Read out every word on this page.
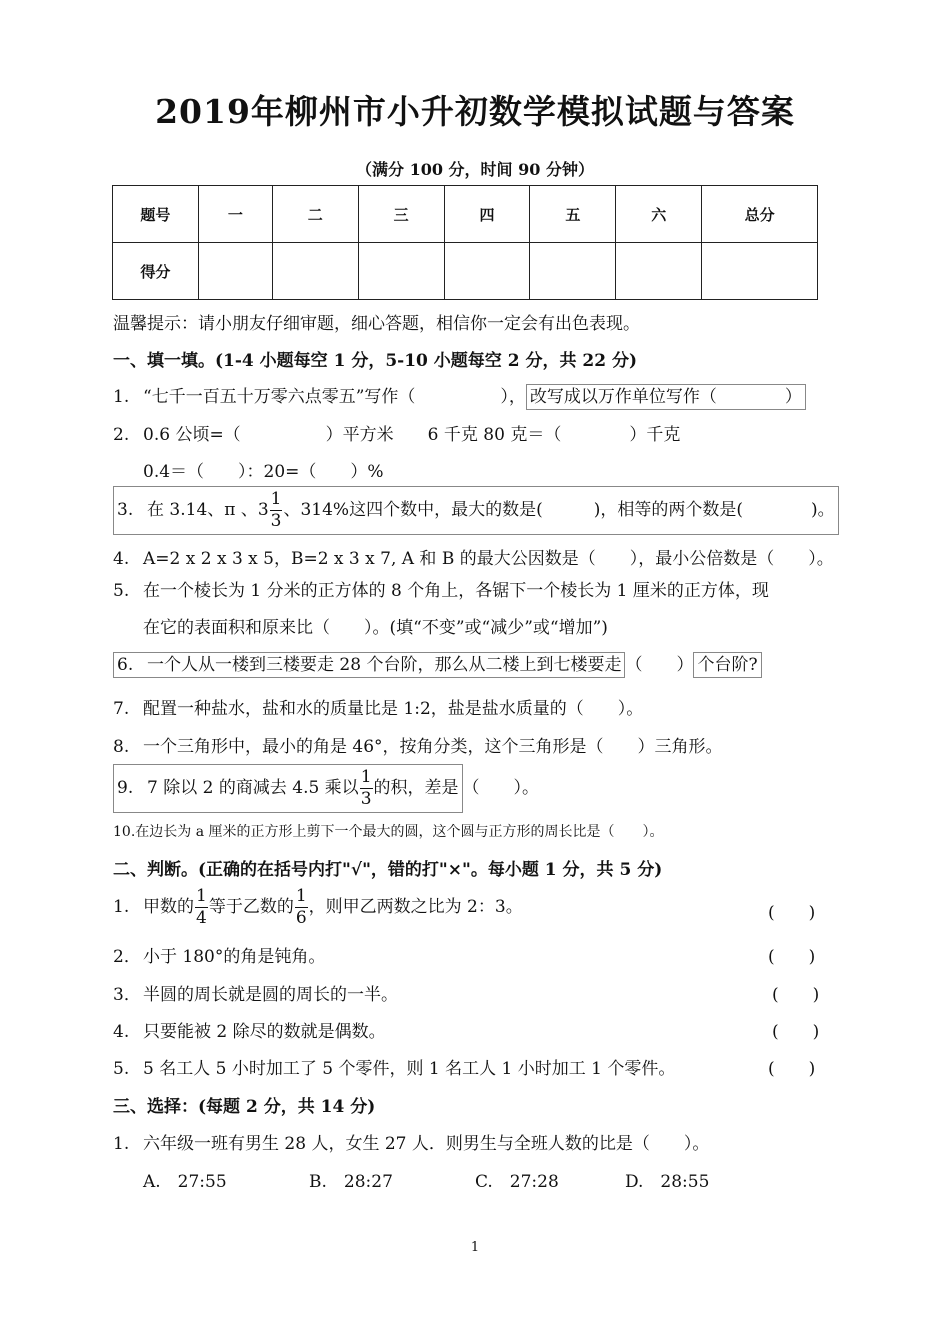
2019年柳州市小升初数学模拟试题与答案
（满分 100 分，时间 90 分钟）
题号	一	二	三	四	五	六	总分
得分							
温馨提示：请小朋友仔细审题，细心答题，相信你一定会有出色表现。
一、填一填。(1-4 小题每空 1 分，5-10 小题每空 2 分，共 22 分)
1. “七千一百五十万零六点零五”写作（　　　　　）， 改写成以万作单位写作（　　　　）
2. 0.6 公顷=（　　　　　）平方米　　6 千克 80 克＝（　　　　）千克
0.4＝（　　）：20=（　　）%
3. 在 3.14、π 、$3 \frac{1}{3}$ 、314%这四个数中，最大的数是(　　　)，相等的两个数是(　　　　)。
4. A=2 x 2 x 3 x 5，B=2 x 3 x 7, A 和 B 的最大公因数是（　　），最小公倍数是（　　）。
5. 在一个棱长为 1 分米的正方体的 8 个角上，各锯下一个棱长为 1 厘米的正方体，现
在它的表面积和原来比（　　）。(填“不变”或“减少”或“增加”)
6. 一个人从一楼到三楼要走 28 个台阶，那么从二楼上到七楼要走 （　　） 个台阶?
7. 配置一种盐水，盐和水的质量比是 1:2，盐是盐水质量的（　　）。
8. 一个三角形中，最小的角是 46°，按角分类，这个三角形是（　　）三角形。
9. 7 除以 2 的商减去 4.5 乘以 $\frac{1}{3}$ 的积，差是 （　　）。
10.在边长为 a 厘米的正方形上剪下一个最大的圆，这个圆与正方形的周长比是（　　）。
二、判断。(正确的在括号内打"√"，错的打"×"。每小题 1 分，共 5 分)
1. 甲数的 $\frac{1}{4}$ 等于乙数的 $\frac{1}{6}$ ，则甲乙两数之比为 2：3。	(　　)
2． 小于 180°的角是钝角。	(　　)
3． 半圆的周长就是圆的周长的一半。	(　　)
4. 只要能被 2 除尽的数就是偶数。	(　　)
5. 5 名工人 5 小时加工了 5 个零件，则 1 名工人 1 小时加工 1 个零件。	(　　)
三、选择：(每题 2 分，共 14 分)
1. 六年级一班有男生 28 人，女生 27 人．则男生与全班人数的比是（　　）。
A.　27:55	B.　28:27	C.　27:28	D.　28:55
1
